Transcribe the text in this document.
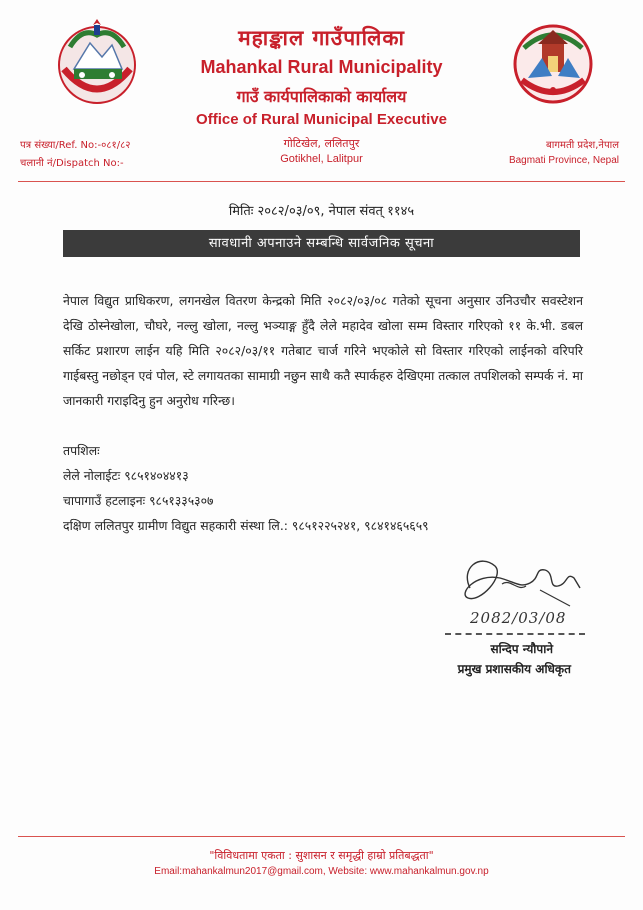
महाङ्काल गाउँपालिका
Mahankal Rural Municipality
गाउँ कार्यपालिकाको कार्यालय
Office of Rural Municipal Executive
गोटिखेल, ललितपुर
Gotikhel, Lalitpur
पत्र संख्या/Ref. No:-०८१/८२
चलानी नं/Dispatch No:-
बागमती प्रदेश,नेपाल
Bagmati Province, Nepal
मितिः २०८२/०३/०९, नेपाल संवत् ११४५
सावधानी अपनाउने सम्बन्धि सार्वजनिक सूचना
नेपाल विद्युत प्राधिकरण, लगनखेल वितरण केन्द्रको मिति २०८२/०३/०८ गतेको सूचना अनुसार उनिउचौर सवस्टेशन देखि ठोस्नेखोला, चौघरे, नल्लु खोला, नल्लु भञ्याङ्ग हुँदै लेले महादेव खोला सम्म विस्तार गरिएको ११ के.भी. डबल सर्किट प्रशारण लाईन यहि मिति २०८२/०३/११ गतेबाट चार्ज गरिने भएकोले सो विस्तार गरिएको लाईनको वरिपरि गाईबस्तु नछोड्न एवं पोल, स्टे लगायतका सामाग्री नछुन साथै कतै स्पार्कहरु देखिएमा तत्काल तपशिलको सम्पर्क नं. मा जानकारी गराइदिनु हुन अनुरोध गरिन्छ।
तपशिलः
लेले नोलाईटः ९८५१४०४४१३
चापागाउँ हटलाइनः ९८५१३३५३०७
दक्षिण ललितपुर ग्रामीण विद्युत सहकारी संस्था लि.: ९८५१२२५२४१, ९८४१४६५६५९
2082/03/08
सन्दिप न्यौपाने
प्रमुख प्रशासकीय अधिकृत
"विविधतामा एकता : सुशासन र समृद्धी हाम्रो प्रतिबद्धता"
Email:mahankalmun2017@gmail.com, Website: www.mahankalmun.gov.np
